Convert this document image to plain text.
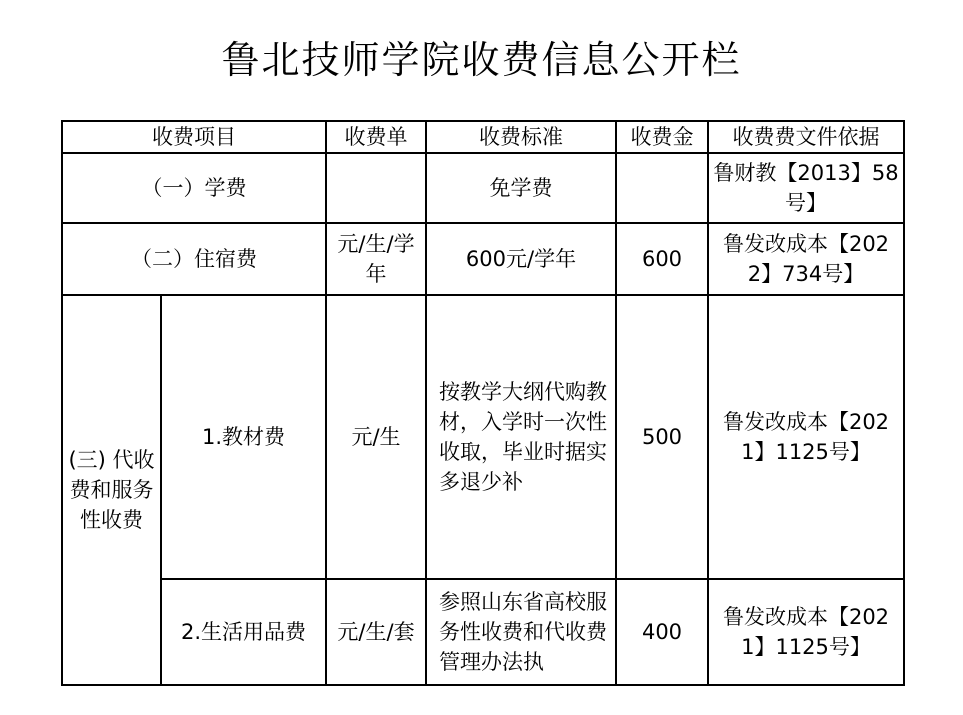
鲁北技师学院收费信息公开栏
收费项目		收费单	收费标准	收费金	收费费文件依据
（一）学费			免学费		鲁财教【2013】58号】
（二）住宿费		元/生/学年	600元/学年	600	鲁发改成本【2022】734号】
(三) 代收费和服务性收费	1.教材费	元/生	按教学大纲代购教材，入学时一次性收取，毕业时据实多退少补	500	鲁发改成本【2021】1125号】
	2.生活用品费	元/生/套	参照山东省高校服务性收费和代收费管理办法执	400	鲁发改成本【2021】1125号】
